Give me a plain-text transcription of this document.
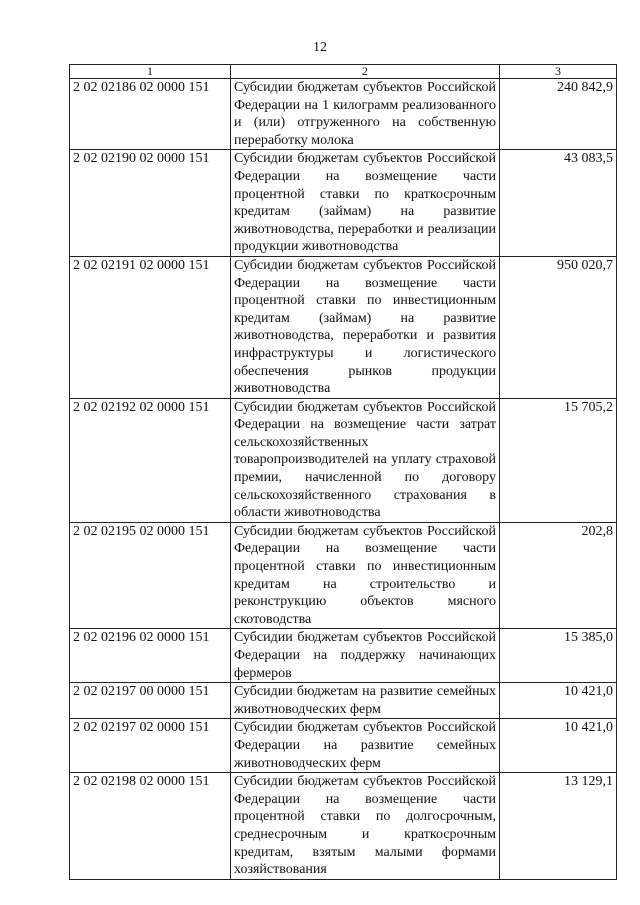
12
1	2	3
2 02 02186 02 0000 151	Субсидии бюджетам субъектов Российской Федерации на 1 килограмм реализованного и (или) отгруженного на собственную переработку молока	240 842,9
2 02 02190 02 0000 151	Субсидии бюджетам субъектов Российской Федерации на возмещение части процентной ставки по краткосрочным кредитам (займам) на развитие животноводства, переработки и реализации продукции животноводства	43 083,5
2 02 02191 02 0000 151	Субсидии бюджетам субъектов Российской Федерации на возмещение части процентной ставки по инвестиционным кредитам (займам) на развитие животноводства, переработки и развития инфраструктуры и логистического обеспечения рынков продукции животноводства	950 020,7
2 02 02192 02 0000 151	Субсидии бюджетам субъектов Российской Федерации на возмещение части затрат сельскохозяйственных товаропроизводителей на уплату страховой премии, начисленной по договору сельскохозяйственного страхования в области животноводства	15 705,2
2 02 02195 02 0000 151	Субсидии бюджетам субъектов Российской Федерации на возмещение части процентной ставки по инвестиционным кредитам на строительство и реконструкцию объектов мясного скотоводства	202,8
2 02 02196 02 0000 151	Субсидии бюджетам субъектов Российской Федерации на поддержку начинающих фермеров	15 385,0
2 02 02197 00 0000 151	Субсидии бюджетам на развитие семейных животноводческих ферм	10 421,0
2 02 02197 02 0000 151	Субсидии бюджетам субъектов Российской Федерации на развитие семейных животноводческих ферм	10 421,0
2 02 02198 02 0000 151	Субсидии бюджетам субъектов Российской Федерации на возмещение части процентной ставки по долгосрочным, среднесрочным и краткосрочным кредитам, взятым малыми формами хозяйствования	13 129,1
